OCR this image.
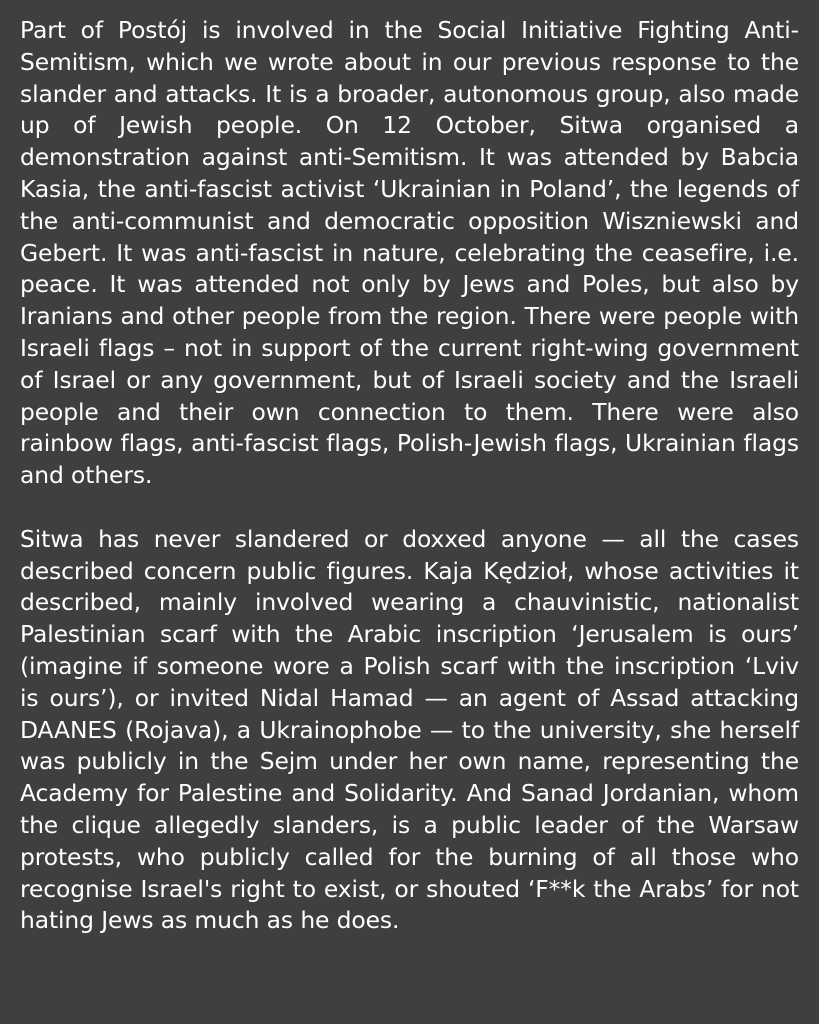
Part of Postój is involved in the Social Initiative Fighting Anti-Semitism, which we wrote about in our previous response to the slander and attacks. It is a broader, autonomous group, also made up of Jewish people. On 12 October, Sitwa organised a demonstration against anti-Semitism. It was attended by Babcia Kasia, the anti-fascist activist ‘Ukrainian in Poland’, the legends of the anti-communist and democratic opposition Wiszniewski and Gebert. It was anti-fascist in nature, celebrating the ceasefire, i.e. peace. It was attended not only by Jews and Poles, but also by Iranians and other people from the region. There were people with Israeli flags – not in support of the current right-wing government of Israel or any government, but of Israeli society and the Israeli people and their own connection to them. There were also rainbow flags, anti-fascist flags, Polish-Jewish flags, Ukrainian flags and others.

Sitwa has never slandered or doxxed anyone — all the cases described concern public figures. Kaja Kędzioł, whose activities it described, mainly involved wearing a chauvinistic, nationalist Palestinian scarf with the Arabic inscription ‘Jerusalem is ours’ (imagine if someone wore a Polish scarf with the inscription ‘Lviv is ours’), or invited Nidal Hamad — an agent of Assad attacking DAANES (Rojava), a Ukrainophobe — to the university, she herself was publicly in the Sejm under her own name, representing the Academy for Palestine and Solidarity. And Sanad Jordanian, whom the clique allegedly slanders, is a public leader of the Warsaw protests, who publicly called for the burning of all those who recognise Israel's right to exist, or shouted ‘F**k the Arabs’ for not hating Jews as much as he does.
